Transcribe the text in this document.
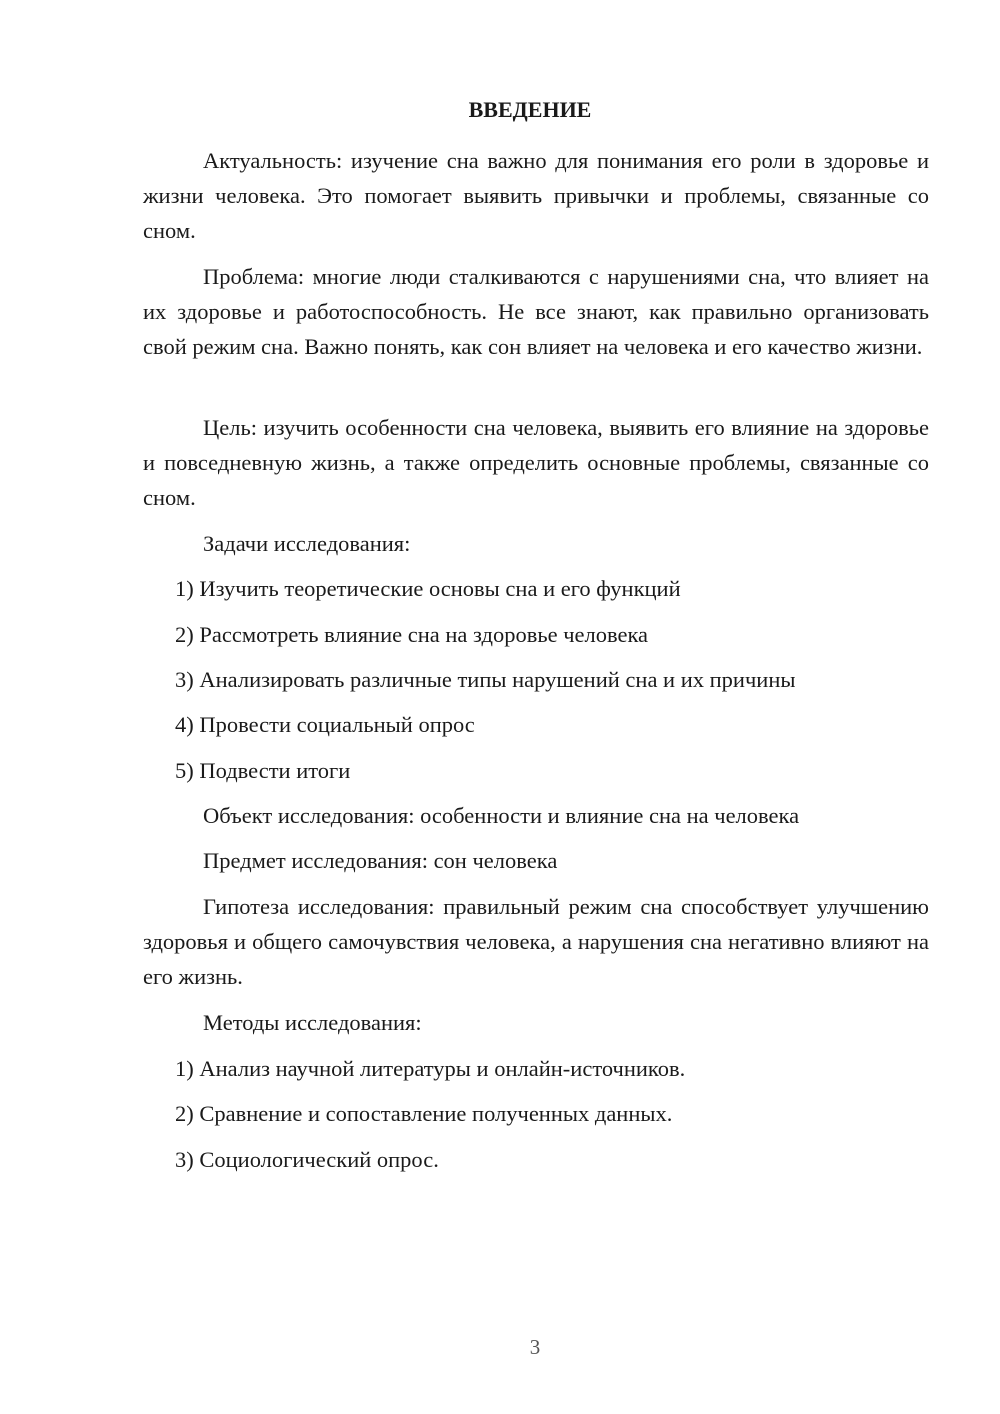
ВВЕДЕНИЕ

Актуальность: изучение сна важно для понимания его роли в здоровье и жизни человека. Это помогает выявить привычки и проблемы, связанные со сном.

Проблема: многие люди сталкиваются с нарушениями сна, что влияет на их здоровье и работоспособность. Не все знают, как правильно организовать свой режим сна. Важно понять, как сон влияет на человека и его качество жизни.

Цель: изучить особенности сна человека, выявить его влияние на здоровье и повседневную жизнь, а также определить основные проблемы, связанные со сном.

Задачи исследования:

1) Изучить теоретические основы сна и его функций

2) Рассмотреть влияние сна на здоровье человека

3) Анализировать различные типы нарушений сна и их причины

4) Провести социальный опрос

5) Подвести итоги

Объект исследования: особенности и влияние сна на человека

Предмет исследования: сон человека

Гипотеза исследования: правильный режим сна способствует улучшению здоровья и общего самочувствия человека, а нарушения сна негативно влияют на его жизнь.

Методы исследования:

1) Анализ научной литературы и онлайн-источников.

2) Сравнение и сопоставление полученных данных.

3) Социологический опрос.

3
